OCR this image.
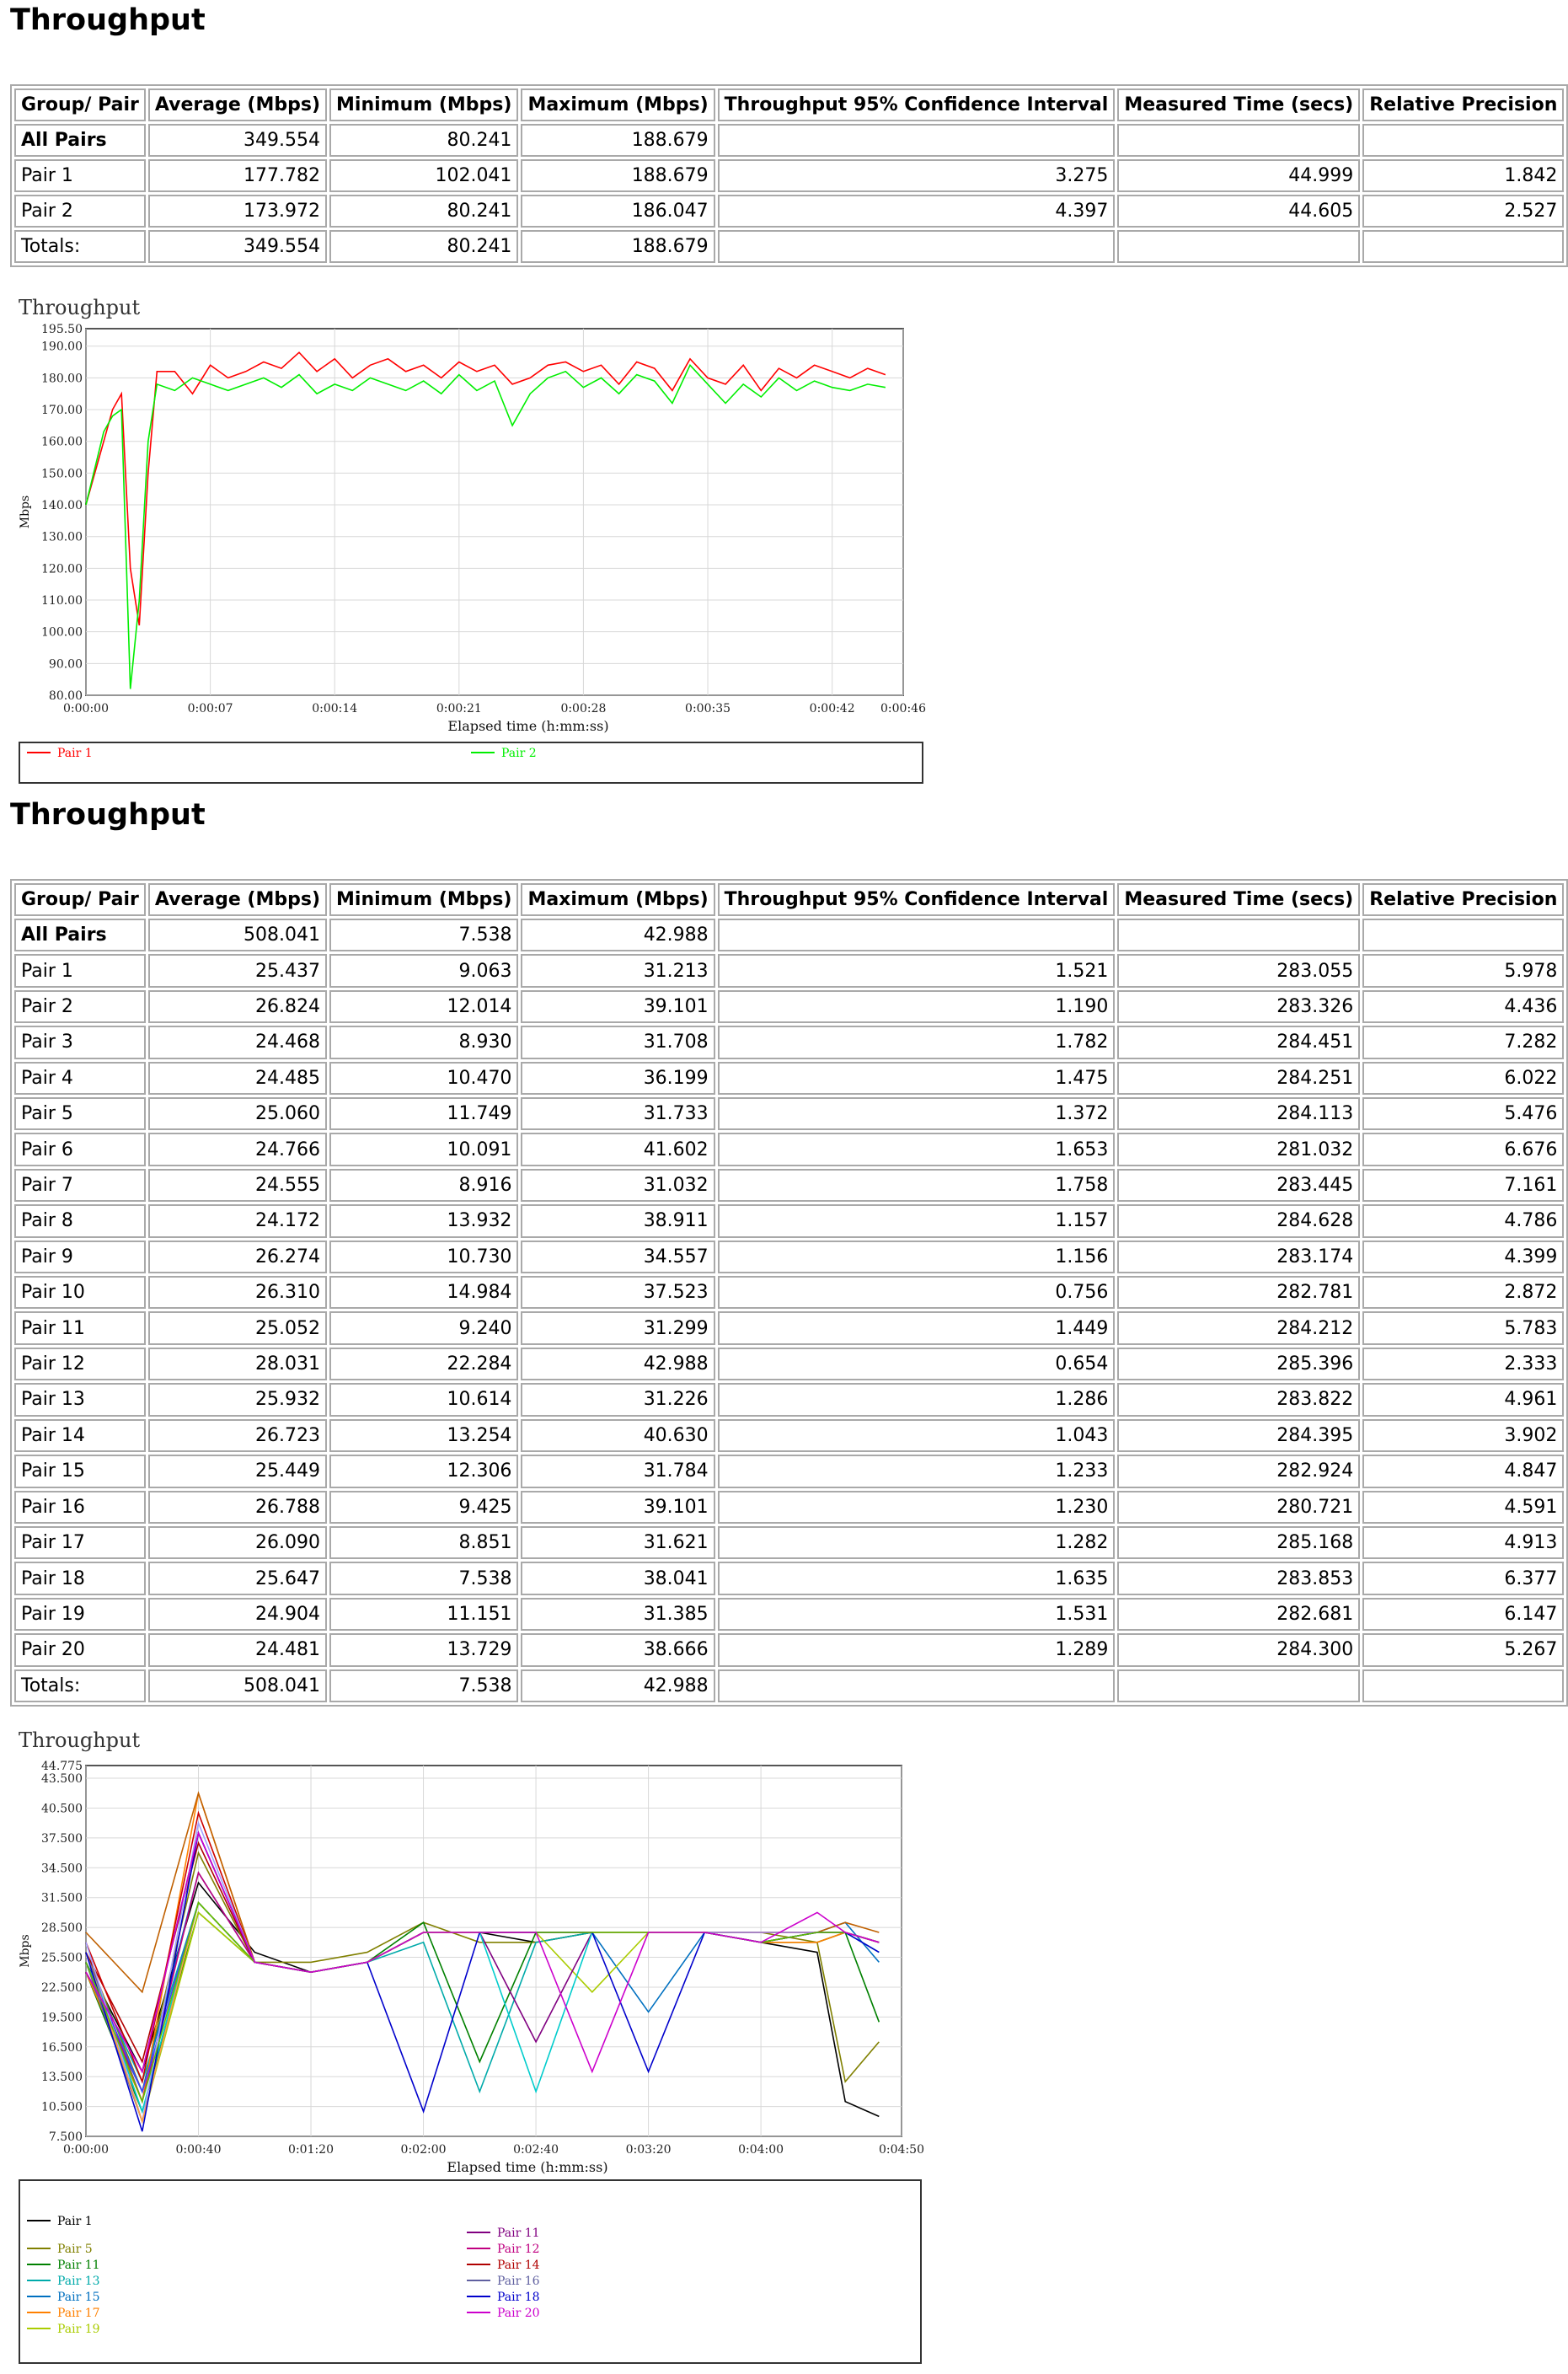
Throughput
Group/ Pair	Average (Mbps)	Minimum (Mbps)	Maximum (Mbps)	Throughput 95% Confidence Interval	Measured Time (secs)	Relative Precision
All Pairs	349.554	80.241	188.679			
Pair 1	177.782	102.041	188.679	3.275	44.999	1.842
Pair 2	173.972	80.241	186.047	4.397	44.605	2.527
Totals:	349.554	80.241	188.679			
Throughput
195.50
190.00
180.00
170.00
160.00
150.00
140.00
130.00
120.00
110.00
100.00
90.00
80.00
0:00:00	0:00:07	0:00:14	0:00:21	0:00:28	0:00:35	0:00:42 0:00:46
Elapsed time (h:mm:ss)
Mbps
Pair 1	Pair 2
Throughput
Group/ Pair	Average (Mbps)	Minimum (Mbps)	Maximum (Mbps)	Throughput 95% Confidence Interval	Measured Time (secs)	Relative Precision
All Pairs	508.041	7.538	42.988			
Pair 1	25.437	9.063	31.213	1.521	283.055	5.978
Pair 2	26.824	12.014	39.101	1.190	283.326	4.436
Pair 3	24.468	8.930	31.708	1.782	284.451	7.282
Pair 4	24.485	10.470	36.199	1.475	284.251	6.022
Pair 5	25.060	11.749	31.733	1.372	284.113	5.476
Pair 6	24.766	10.091	41.602	1.653	281.032	6.676
Pair 7	24.555	8.916	31.032	1.758	283.445	7.161
Pair 8	24.172	13.932	38.911	1.157	284.628	4.786
Pair 9	26.274	10.730	34.557	1.156	283.174	4.399
Pair 10	26.310	14.984	37.523	0.756	282.781	2.872
Pair 11	25.052	9.240	31.299	1.449	284.212	5.783
Pair 12	28.031	22.284	42.988	0.654	285.396	2.333
Pair 13	25.932	10.614	31.226	1.286	283.822	4.961
Pair 14	26.723	13.254	40.630	1.043	284.395	3.902
Pair 15	25.449	12.306	31.784	1.233	282.924	4.847
Pair 16	26.788	9.425	39.101	1.230	280.721	4.591
Pair 17	26.090	8.851	31.621	1.282	285.168	4.913
Pair 18	25.647	7.538	38.041	1.635	283.853	6.377
Pair 19	24.904	11.151	31.385	1.531	282.681	6.147
Pair 20	24.481	13.729	38.666	1.289	284.300	5.267
Totals:	508.041	7.538	42.988			
Throughput
44.775
43.500
40.500
37.500
34.500
31.500
28.500
25.500
22.500
19.500
16.500
13.500
10.500
7.500
0:00:00	0:00:40	0:01:20	0:02:00	0:02:40	0:03:20	0:04:00	0:04:50
Elapsed time (h:mm:ss)
Mbps
Pair 1
Pair 5
Pair 11
Pair 13
Pair 15
Pair 17
Pair 19
Pair 11
Pair 12
Pair 14
Pair 16
Pair 18
Pair 20
